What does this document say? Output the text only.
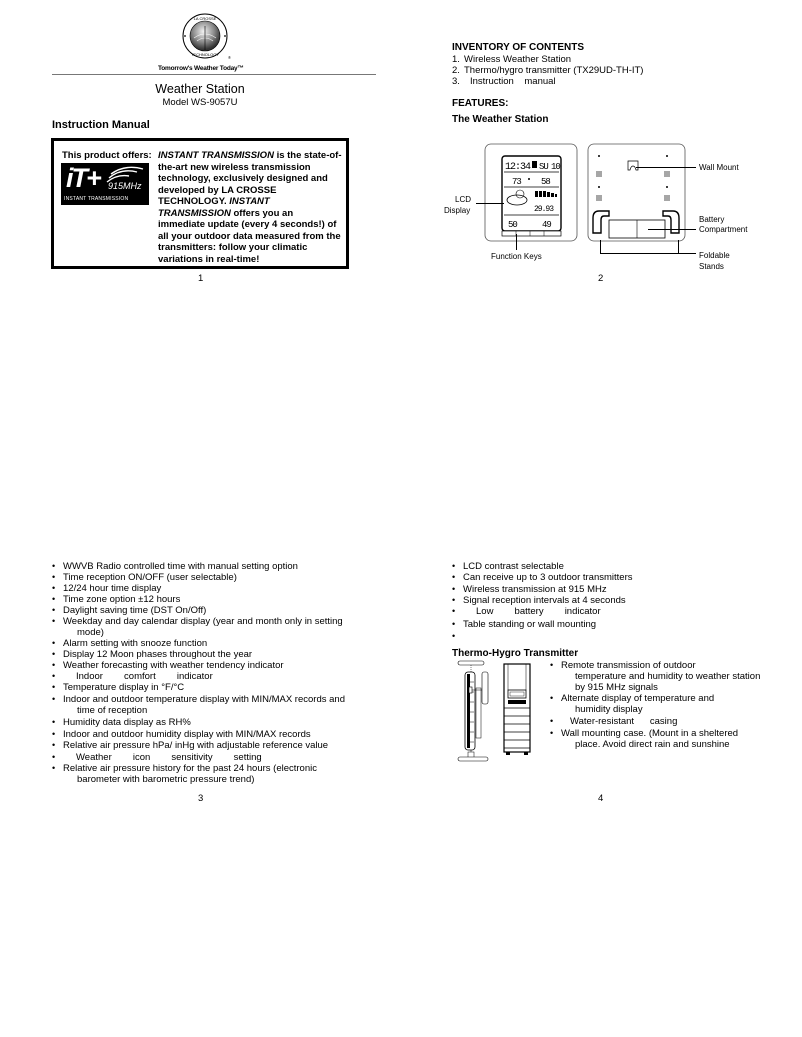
LA CROSSE
TECHNOLOGY
®
Tomorrow's Weather Today™
Weather Station
Model WS-9057U
Instruction Manual
This product offers:
iT+ 915MHz
INSTANT TRANSMISSION
INSTANT TRANSMISSION is the state-of-
the-art new wireless transmission
technology, exclusively designed and
developed by LA CROSSE
TECHNOLOGY. INSTANT
TRANSMISSION offers you an
immediate update (every 4 seconds!) of
all your outdoor data measured from the
transmitters: follow your climatic
variations in real-time!
1
INVENTORY OF CONTENTS
1. Wireless Weather Station
2. Thermo/hygro transmitter (TX29UD-TH-IT)
3. Instruction    manual
FEATURES:
The Weather Station
12:34 SU 10
73 58
29.93
50	49
LCD
Display
Function Keys
Wall Mount
Battery
Compartment
Foldable
Stands
2
• WWVB Radio controlled time with manual setting option
• Time reception ON/OFF (user selectable)
• 12/24 hour time display
• Time zone option ±12 hours
• Daylight saving time (DST On/Off)
• Weekday and day calendar display (year and month only in setting
mode)
• Alarm setting with snooze function
• Display 12 Moon phases throughout the year
• Weather forecasting with weather tendency indicator
• Indoor        comfort        indicator
• Temperature display in °F/°C
• Indoor and outdoor temperature display with MIN/MAX records and
time of reception
• Humidity data display as RH%
• Indoor and outdoor humidity display with MIN/MAX records
• Relative air pressure hPa/ inHg with adjustable reference value
• Weather        icon        sensitivity        setting
• Relative air pressure history for the past 24 hours (electronic
barometer with barometric pressure trend)
3
• LCD contrast selectable
• Can receive up to 3 outdoor transmitters
• Wireless transmission at 915 MHz
• Signal reception intervals at 4 seconds
• Low        battery        indicator
• Table standing or wall mounting
•
Thermo-Hygro Transmitter
• Remote transmission of outdoor
temperature and humidity to weather station
by 915 MHz signals
• Alternate display of temperature and
humidity display
• Water-resistant      casing
• Wall mounting case. (Mount in a sheltered
place. Avoid direct rain and sunshine
4
